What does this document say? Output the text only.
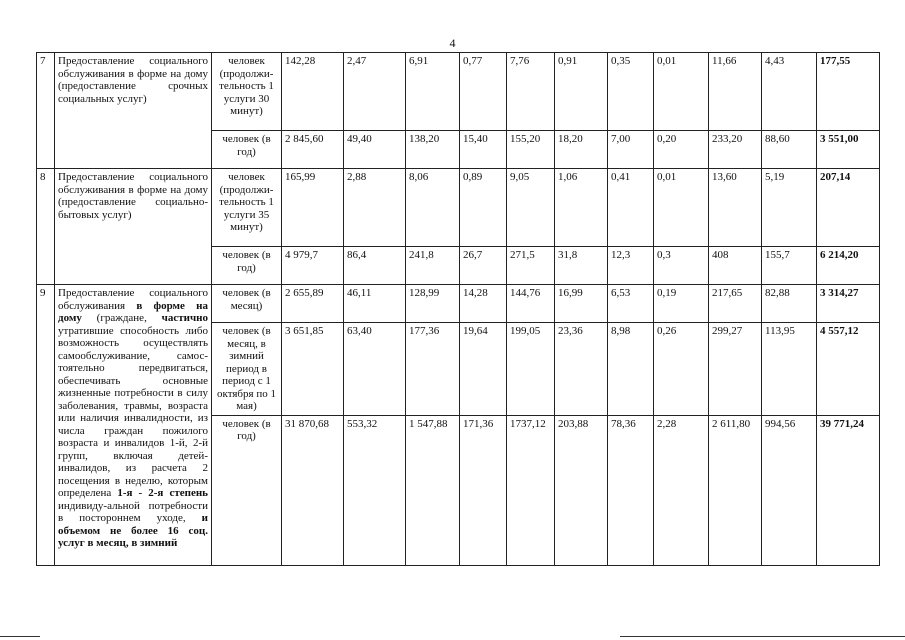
4
7	Предоставление социального обслуживания в форме на дому (предоставление срочных социальных услуг)	человек (продолжи-тельность 1 услуги 30 минут)	142,28	2,47	6,91	0,77	7,76	0,91	0,35	0,01	11,66	4,43	177,55
		человек (в год)	2 845,60	49,40	138,20	15,40	155,20	18,20	7,00	0,20	233,20	88,60	3 551,00
8	Предоставление социального обслуживания в форме на дому (предоставление социально-бытовых услуг)	человек (продолжи-тельность 1 услуги 35 минут)	165,99	2,88	8,06	0,89	9,05	1,06	0,41	0,01	13,60	5,19	207,14
		человек (в год)	4 979,7	86,4	241,8	26,7	271,5	31,8	12,3	0,3	408	155,7	6 214,20
9	Предоставление социального обслуживания в форме на дому (граждане, частично утратившие способность либо возможность осуществлять самообслуживание, самос-тоятельно передвигаться, обеспечивать основные жизненные потребности в силу заболевания, травмы, возраста или наличия инвалидности, из числа граждан пожилого возраста и инвалидов 1-й, 2-й групп, включая детей-инвалидов, из расчета 2 посещения в неделю, которым определена 1-я - 2-я степень индивиду-альной потребности в постороннем уходе, и объемом не более 16 соц. услуг в месяц, в зимний	человек (в месяц)	2 655,89	46,11	128,99	14,28	144,76	16,99	6,53	0,19	217,65	82,88	3 314,27
		человек (в месяц, в зимний период в период с 1 октября по 1 мая)	3 651,85	63,40	177,36	19,64	199,05	23,36	8,98	0,26	299,27	113,95	4 557,12
		человек (в год)	31 870,68	553,32	1 547,88	171,36	1737,12	203,88	78,36	2,28	2 611,80	994,56	39 771,24
